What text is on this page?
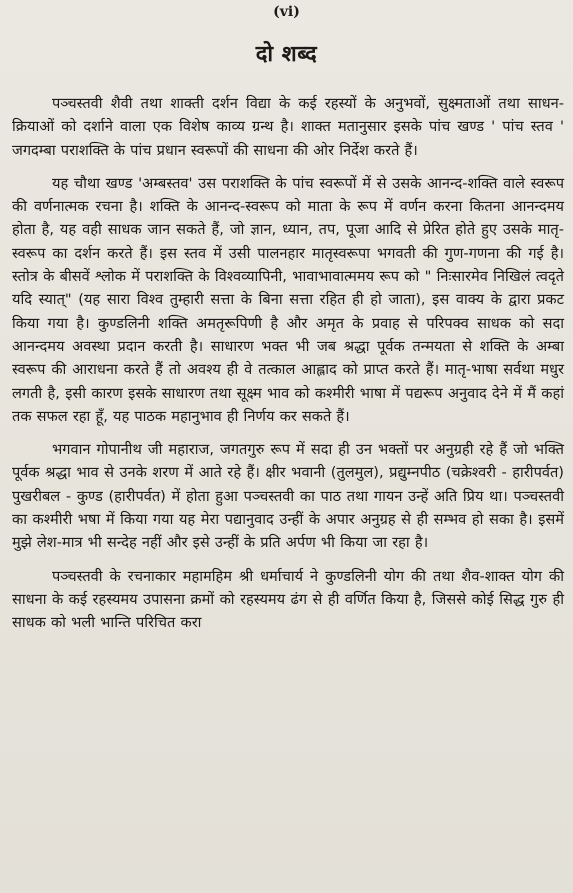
(vi)
दो शब्द

पञ्चस्तवी शैवी तथा शाक्ती दर्शन विद्या के कई रहस्यों के अनुभवों, सुक्ष्मताओं तथा साधन-क्रियाओं को दर्शाने वाला एक विशेष काव्य ग्रन्थ है। शाक्त मतानुसार इसके पांच खण्ड ' पांच स्तव ' जगदम्बा पराशक्ति के पांच प्रधान स्वरूपों की साधना की ओर निर्देश करते हैं।

यह चौथा खण्ड 'अम्बस्तव' उस पराशक्ति के पांच स्वरूपों में से उसके आनन्द-शक्ति वाले स्वरूप की वर्णनात्मक रचना है। शक्ति के आनन्द-स्वरूप को माता के रूप में वर्णन करना कितना आनन्दमय होता है, यह वही साधक जान सकते हैं, जो ज्ञान, ध्यान, तप, पूजा आदि से प्रेरित होते हुए उसके मातृ-स्वरूप का दर्शन करते हैं। इस स्तव में उसी पालनहार मातृस्वरूपा भगवती की गुण-गणना की गई है। स्तोत्र के बीसवें श्लोक में पराशक्ति के विश्वव्यापिनी, भावाभावात्ममय रूप को " निःसारमेव निखिलं त्वदृते यदि स्यात्" (यह सारा विश्व तुम्हारी सत्ता के बिना सत्ता रहित ही हो जाता), इस वाक्य के द्वारा प्रकट किया गया है। कुण्डलिनी शक्ति अमतृरूपिणी है और अमृत के प्रवाह से परिपक्व साधक को सदा आनन्दमय अवस्था प्रदान करती है। साधारण भक्त भी जब श्रद्धा पूर्वक तन्मयता से शक्ति के अम्बा स्वरूप की आराधना करते हैं तो अवश्य ही वे तत्काल आह्लाद को प्राप्त करते हैं। मातृ-भाषा सर्वथा मधुर लगती है, इसी कारण इसके साधारण तथा सूक्ष्म भाव को कश्मीरी भाषा में पद्यरूप अनुवाद देने में मैं कहां तक सफल रहा हूँ, यह पाठक महानुभाव ही निर्णय कर सकते हैं।

भगवान गोपानीथ जी महाराज, जगतगुरु रूप में सदा ही उन भक्तों पर अनुग्रही रहे हैं जो भक्ति पूर्वक श्रद्धा भाव से उनके शरण में आते रहे हैं। क्षीर भवानी (तुलमुल), प्रद्युम्नपीठ (चक्रेश्वरी - हारीपर्वत) पुखरीबल - कुण्ड (हारीपर्वत) में होता हुआ पञ्चस्तवी का पाठ तथा गायन उन्हें अति प्रिय था। पञ्चस्तवी का कश्मीरी भषा में किया गया यह मेरा पद्यानुवाद उन्हीं के अपार अनुग्रह से ही सम्भव हो सका है। इसमें मुझे लेश-मात्र भी सन्देह नहीं और इसे उन्हीं के प्रति अर्पण भी किया जा रहा है।

पञ्चस्तवी के रचनाकार महामहिम श्री धर्माचार्य ने कुण्डलिनी योग की तथा शैव-शाक्त योग की साधना के कई रहस्यमय उपासना क्रमों को रहस्यमय ढंग से ही वर्णित किया है, जिससे कोई सिद्ध गुरु ही साधक को भली भान्ति परिचित करा
